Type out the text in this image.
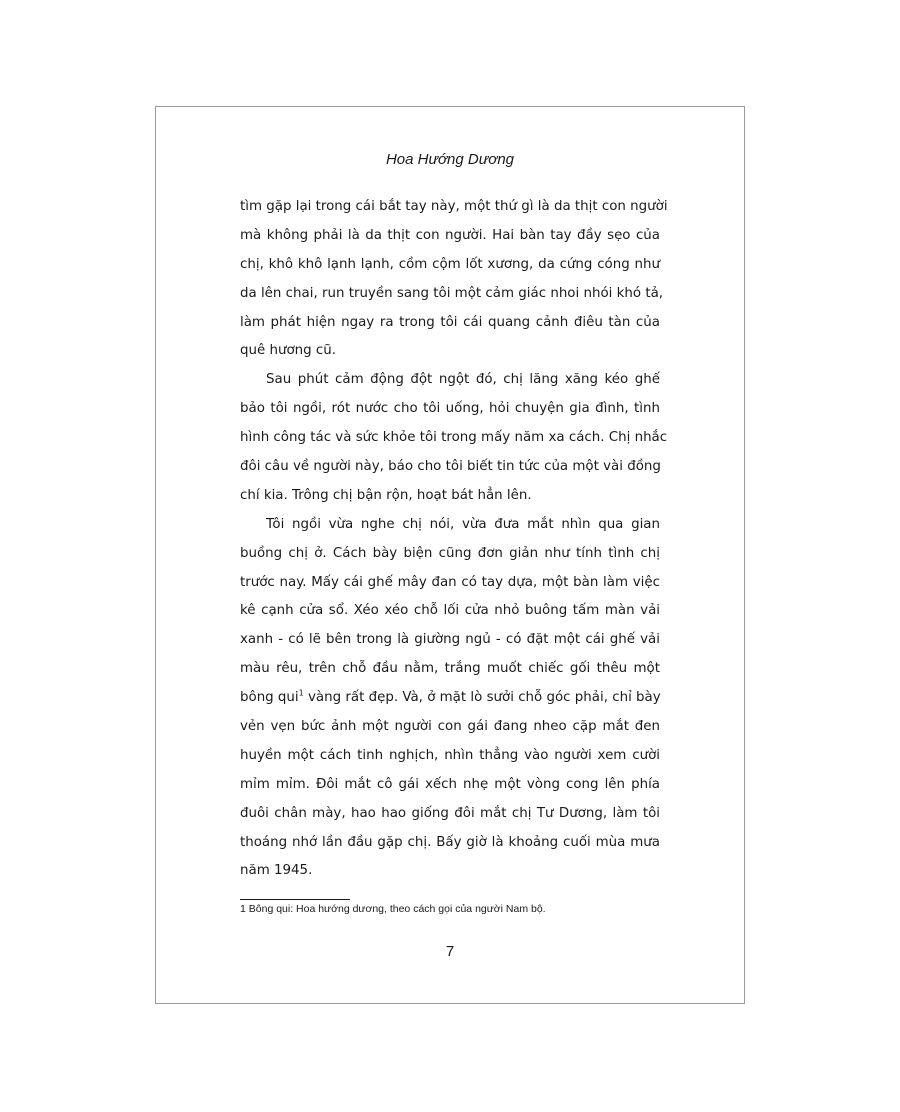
Hoa Hướng Dương
tìm gặp lại trong cái bắt tay này, một thứ gì là da thịt con người
mà không phải là da thịt con người. Hai bàn tay đầy sẹo của
chị, khô khô lạnh lạnh, cồm cộm lốt xương, da cứng cóng như
da lên chai, run truyền sang tôi một cảm giác nhoi nhói khó tả,
làm phát hiện ngay ra trong tôi cái quang cảnh điêu tàn của
quê hương cũ.
Sau phút cảm động đột ngột đó, chị lăng xăng kéo ghế
bảo tôi ngồi, rót nước cho tôi uống, hỏi chuyện gia đình, tình
hình công tác và sức khỏe tôi trong mấy năm xa cách. Chị nhắc
đôi câu về người này, báo cho tôi biết tin tức của một vài đồng
chí kia. Trông chị bận rộn, hoạt bát hẳn lên.
Tôi ngồi vừa nghe chị nói, vừa đưa mắt nhìn qua gian
buồng chị ở. Cách bày biện cũng đơn giản như tính tình chị
trước nay. Mấy cái ghế mây đan có tay dựa, một bàn làm việc
kê cạnh cửa sổ. Xéo xéo chỗ lối cửa nhỏ buông tấm màn vải
xanh - có lẽ bên trong là giường ngủ - có đặt một cái ghế vải
màu rêu, trên chỗ đầu nằm, trắng muốt chiếc gối thêu một
bông qui$^1$ vàng rất đẹp. Và, ở mặt lò sưởi chỗ góc phải, chỉ bày
vẻn vẹn bức ảnh một người con gái đang nheo cặp mắt đen
huyền một cách tinh nghịch, nhìn thẳng vào người xem cười
mỉm mỉm. Đôi mắt cô gái xếch nhẹ một vòng cong lên phía
đuôi chân mày, hao hao giống đôi mắt chị Tư Dương, làm tôi
thoáng nhớ lần đầu gặp chị. Bấy giờ là khoảng cuối mùa mưa
năm 1945.
1 Bông qui: Hoa hướng dương, theo cách gọi của người Nam bộ.
7
